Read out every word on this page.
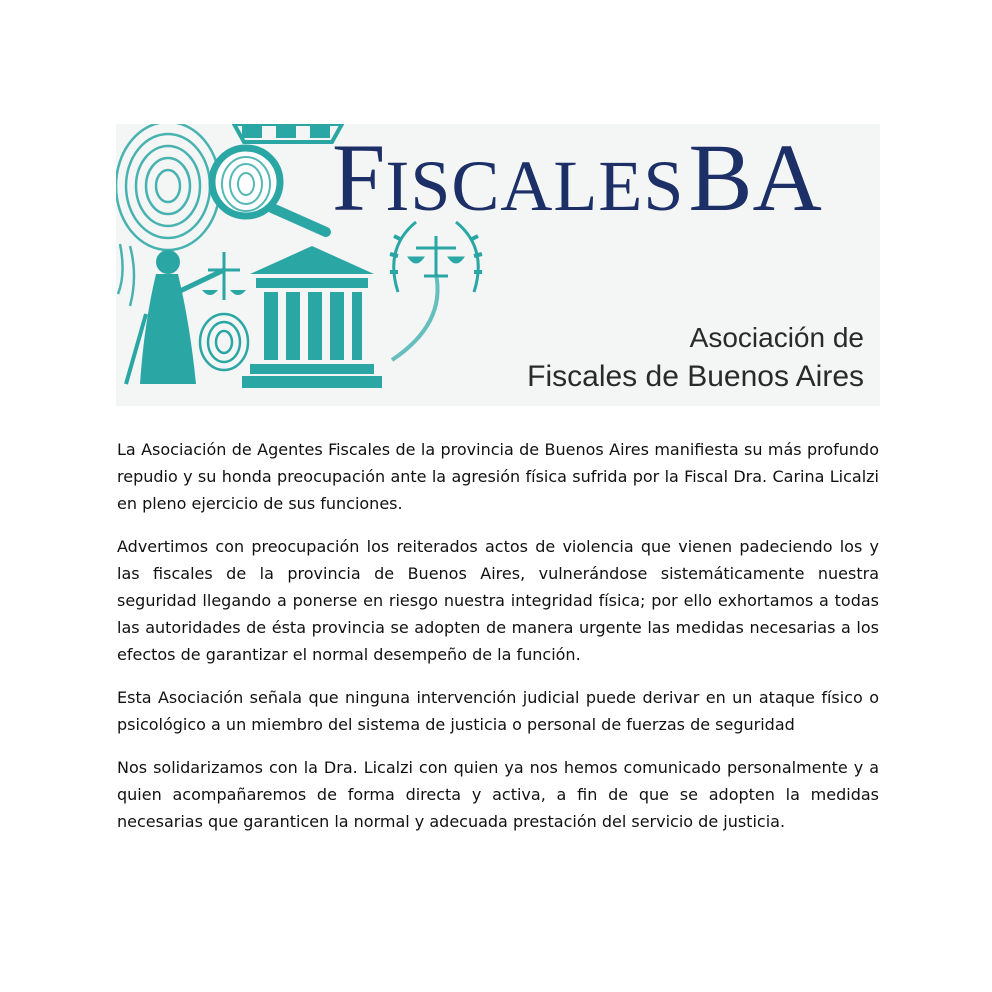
FISCALES BA
Asociación de
Fiscales de Buenos Aires

La Asociación de Agentes Fiscales de la provincia de Buenos Aires manifiesta su más profundo repudio y su honda preocupación ante la agresión física sufrida por la Fiscal Dra. Carina Licalzi en pleno ejercicio de sus funciones.

Advertimos con preocupación los reiterados actos de violencia que vienen padeciendo los y las fiscales de la provincia de Buenos Aires, vulnerándose sistemáticamente nuestra seguridad llegando a ponerse en riesgo nuestra integridad física; por ello exhortamos a todas las autoridades de ésta provincia se adopten de manera urgente las medidas necesarias a los efectos de garantizar el normal desempeño de la función.

Esta Asociación señala que ninguna intervención judicial puede derivar en un ataque físico o psicológico a un miembro del sistema de justicia o personal de fuerzas de seguridad

Nos solidarizamos con la Dra. Licalzi con quien ya nos hemos comunicado personalmente y a quien acompañaremos de forma directa y activa, a fin de que se adopten la medidas necesarias que garanticen la normal y adecuada prestación del servicio de justicia.
